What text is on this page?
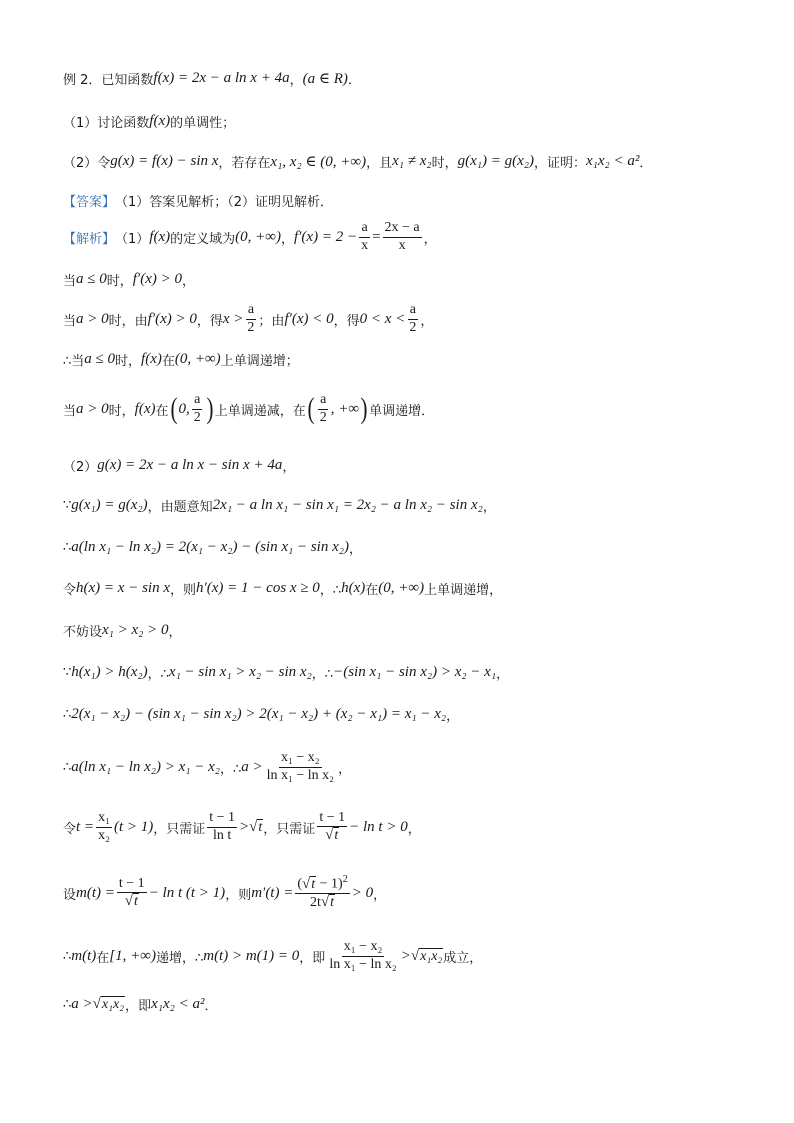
例 2．已知函数 f(x) = 2x − a ln x + 4a ， (a ∈ R) ．
（1）讨论函数 f(x) 的单调性；
（2）令 g(x) = f(x) − sin x ，若存在 x₁, x₂ ∈ (0, +∞) ，且 x₁ ≠ x₂ 时， g(x₁) = g(x₂) ，证明： x₁x₂ < a² ．
【答案】 （1）答案见解析；（2）证明见解析．
【解析】 （1） f(x) 的定义域为 (0, +∞) ， $f'(x) = 2 - \frac{a}{x} = \frac{2x - a}{x}$ ，
当 a ≤ 0 时， f′(x) > 0 ，
当 a > 0 时，由 f′(x) > 0 ，得 $x > \frac{a}{2}$ ；由 f′(x) < 0 ，得 $0 < x < \frac{a}{2}$ ，
∴当 a ≤ 0 时， f(x) 在 (0, +∞) 上单调递增；
当 a > 0 时， f(x) 在 ( 0, $\frac{a}{2}$ ) 上单调递减，在 ( $\frac{a}{2}$ , +∞ ) 单调递增．
（2） g(x) = 2x − a ln x − sin x + 4a ，
∵ g(x₁) = g(x₂) ，由题意知 2x₁ − a ln x₁ − sin x₁ = 2x₂ − a ln x₂ − sin x₂ ，
∴ a(ln x₁ − ln x₂) = 2(x₁ − x₂) − (sin x₁ − sin x₂) ，
令 h(x) = x − sin x ，则 h′(x) = 1 − cos x ≥ 0 ，∴ h(x) 在 (0, +∞) 上单调递增，
不妨设 x₁ > x₂ > 0 ，
∵ h(x₁) > h(x₂) ，∴ x₁ − sin x₁ > x₂ − sin x₂ ，∴ −(sin x₁ − sin x₂) > x₂ − x₁ ，
∴ 2(x₁ − x₂) − (sin x₁ − sin x₂) > 2(x₁ − x₂) + (x₂ − x₁) = x₁ − x₂ ，
∴ a(ln x₁ − ln x₂) > x₁ − x₂ ，∴ $a > \frac{\text{x₁ − x₂}}{\text{ln x₁ − ln x₂}}$ ，
令 $t = \frac{\text{x₁}}{\text{x₂}} (t > 1)$ ，只需证 $\frac{t - 1}{\text{ln t}}$ > √ t ，只需证 $\frac{t - 1}{√ t} - \ln t > 0$ ，
设 $m(t) = \frac{t - 1}{√ t} - \ln t$ (t > 1) ，则 $m'(t) = \frac{( √ t - 1)^2}{2t √ t} > 0$ ，
∴ m(t) 在 [1, +∞) 递增，∴ m(t) > m(1) = 0 ，即 $\frac{\text{x₁ − x₂}}{\text{ln x₁ − ln x₂}}$ > √ x₁x₂ 成立，
∴ a > √ x₁x₂ ，即 x₁x₂ < a² ．
